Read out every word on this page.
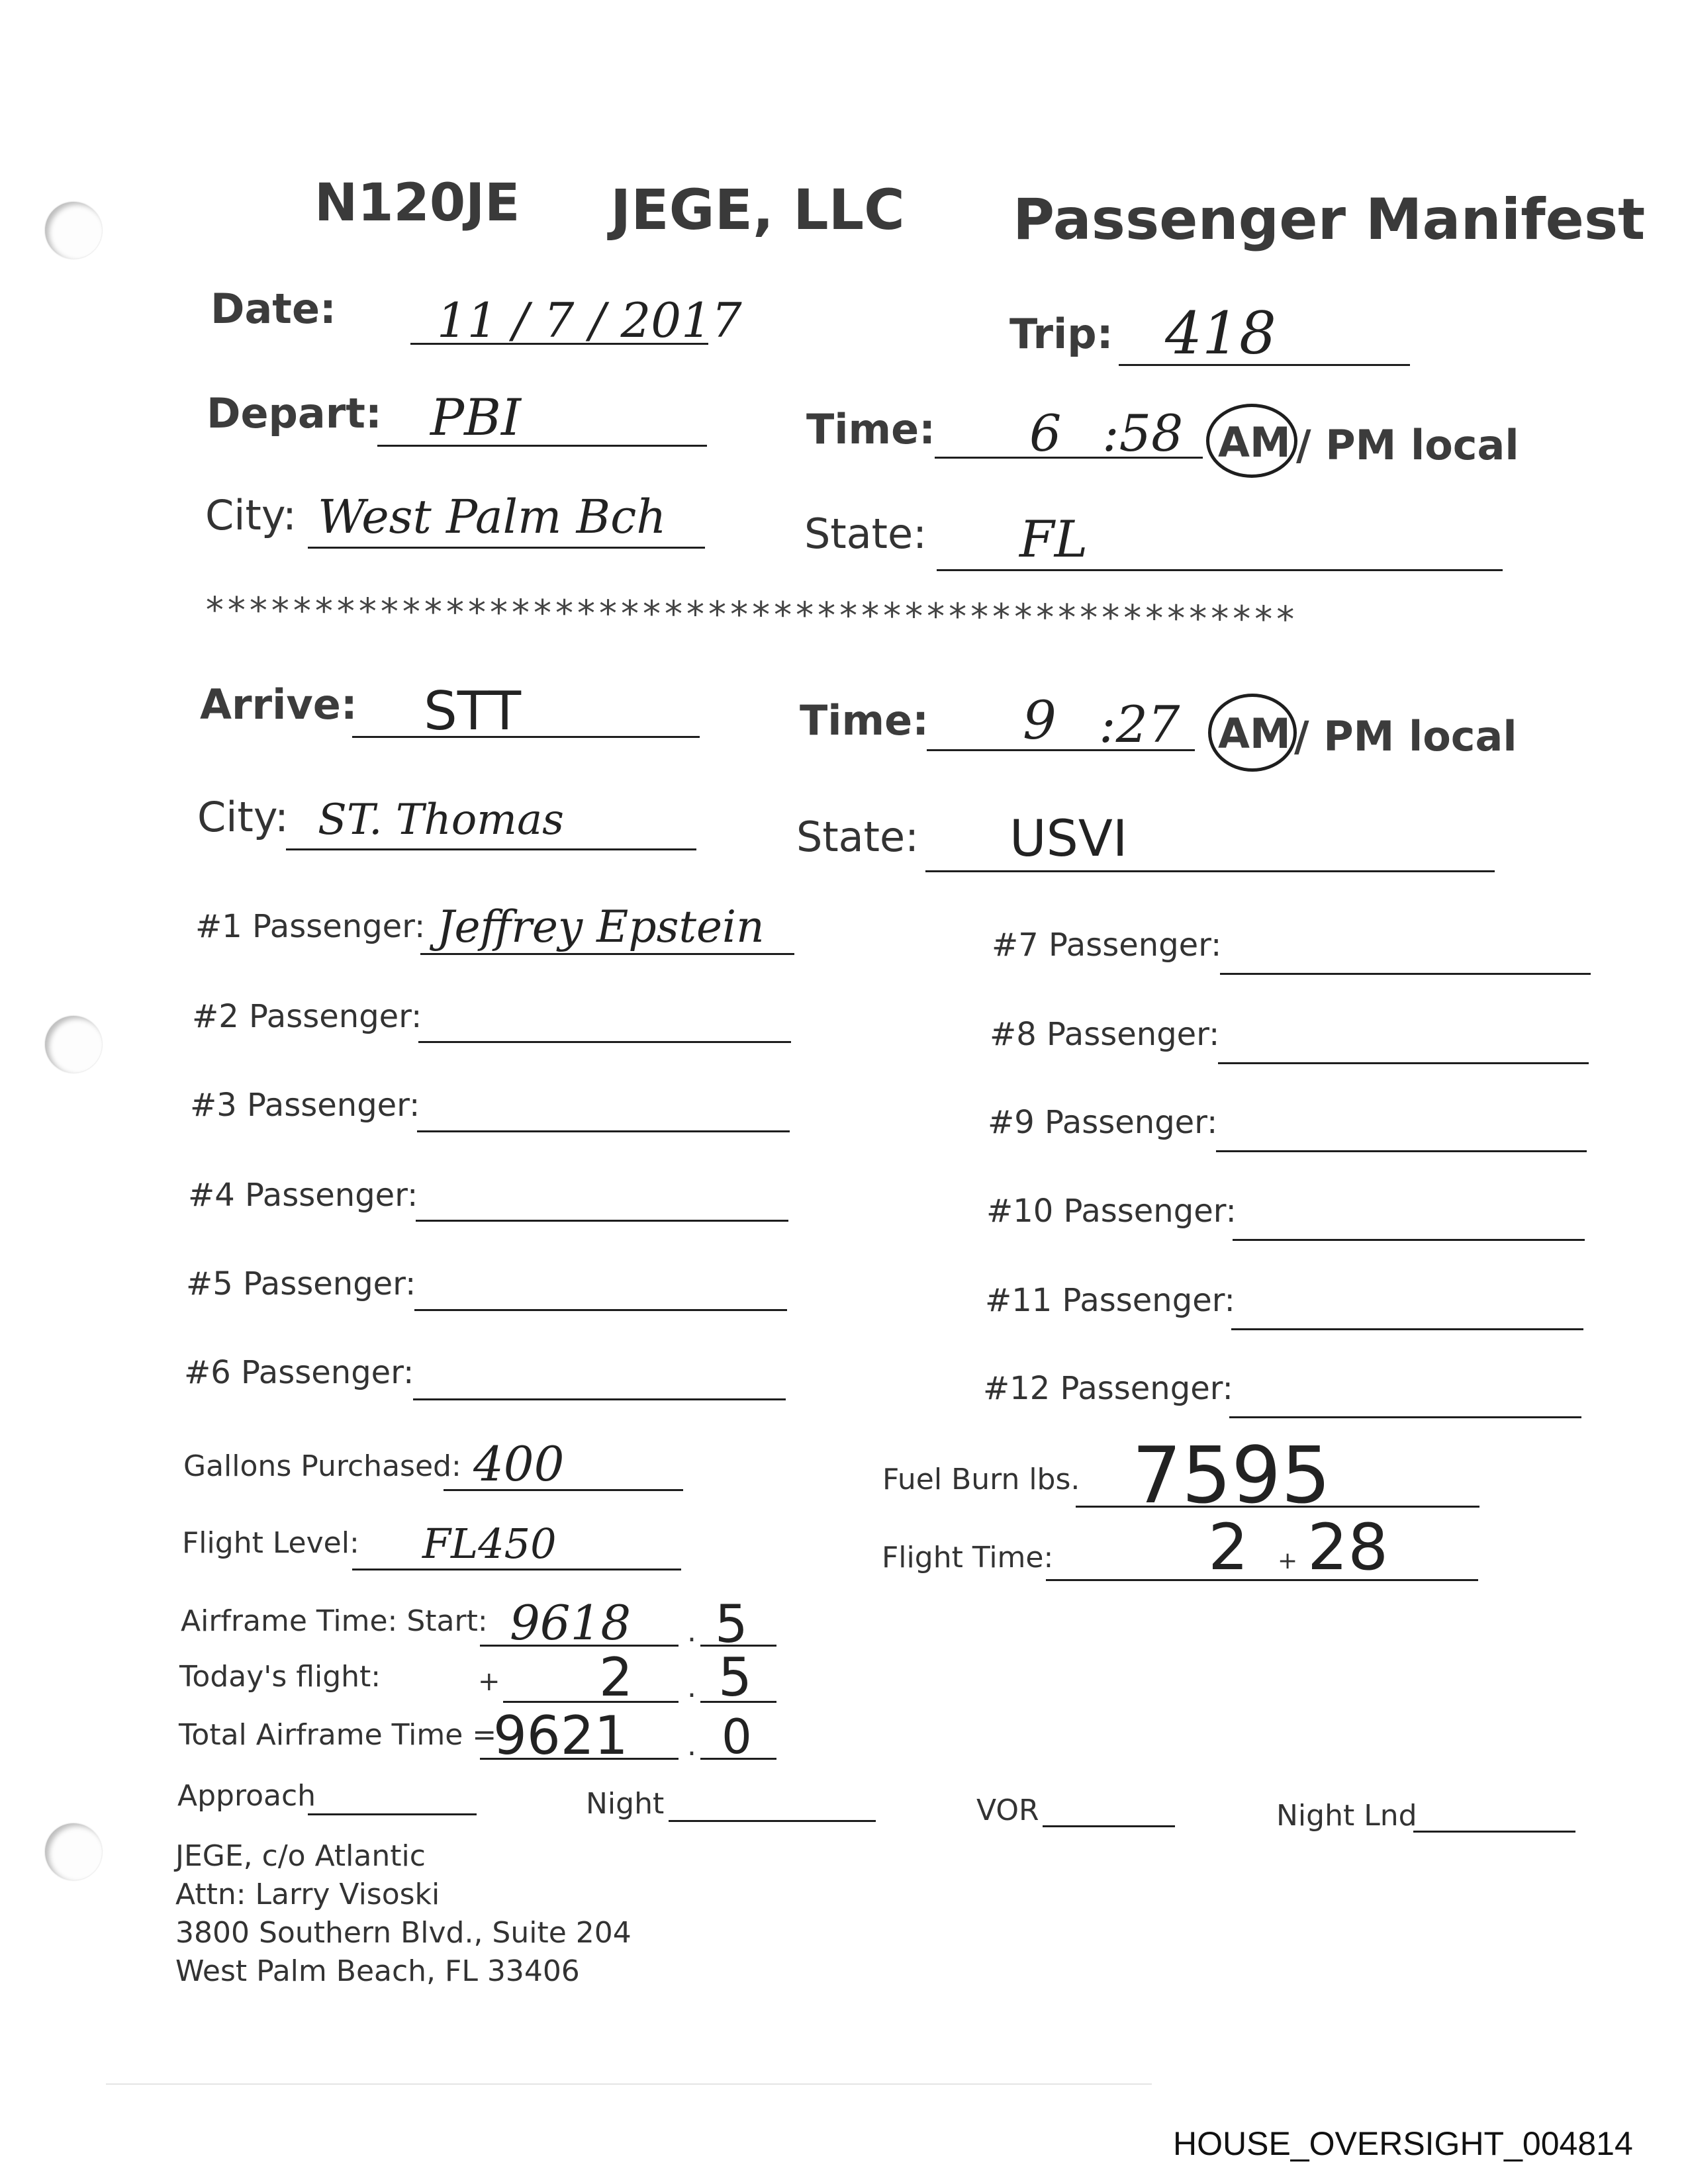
N120JE JEGE, LLC Passenger Manifest
Date: 11 / 7 / 2017	Trip: 418
Depart: PBI	Time: 6 :58 AM / PM local
City: West Palm Bch	State: FL
**************************************************
Arrive: STT	Time: 9 :27 AM / PM local
City: ST. Thomas	State: USVI
#1 Passenger: Jeffrey Epstein
#2 Passenger:
#3 Passenger:
#4 Passenger:
#5 Passenger:
#6 Passenger:
#7 Passenger:
#8 Passenger:
#9 Passenger:
#10 Passenger:
#11 Passenger:
#12 Passenger:
Gallons Purchased: 400	Fuel Burn lbs. 7595
Flight Level: FL450	Flight Time: 2 + 28
Airframe Time: Start: 9618 . 5
Today's flight:	+ 2 . 5
Total Airframe Time =
9621 . 0
Approach	Night	VOR	Night Lnd
JEGE, c/o Atlantic
Attn: Larry Visoski
3800 Southern Blvd., Suite 204
West Palm Beach, FL 33406
HOUSE_OVERSIGHT_004814
